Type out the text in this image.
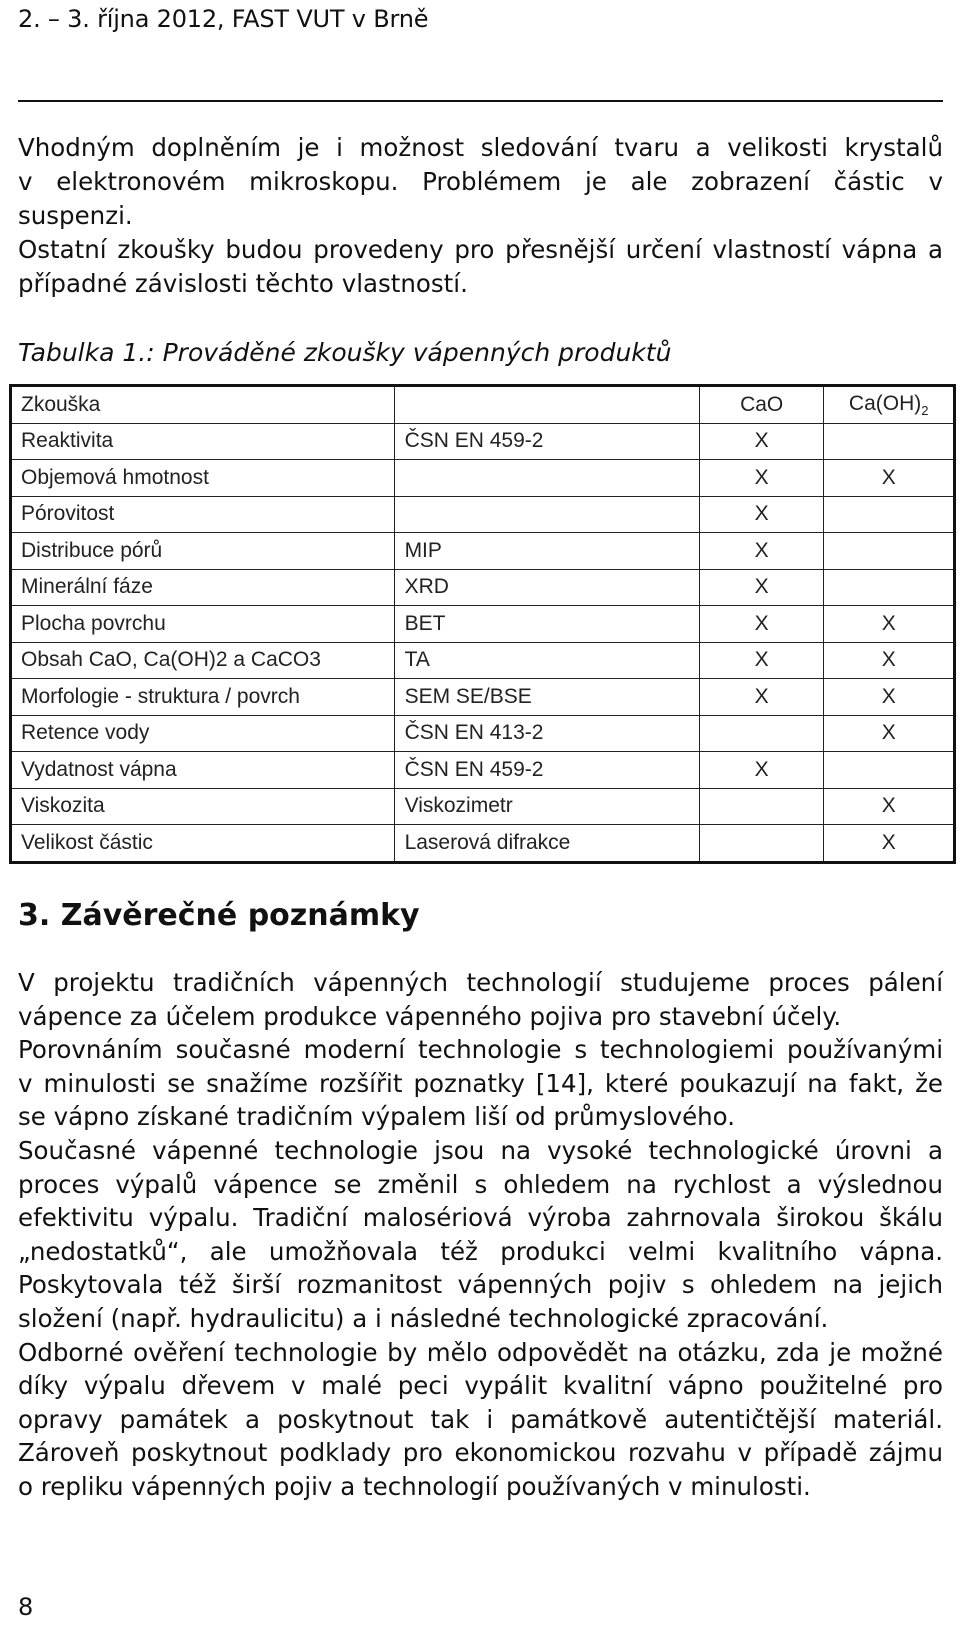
2. – 3. října 2012, FAST VUT v Brně

Vhodným doplněním je i možnost sledování tvaru a velikosti krystalů
v elektronovém mikroskopu. Problémem je ale zobrazení částic v
suspenzi.
Ostatní zkoušky budou provedeny pro přesnější určení vlastností vápna a
případné závislosti těchto vlastností.

Tabulka 1.: Prováděné zkoušky vápenných produktů
Zkouška		CaO	$Ca(OH)_2$
Reaktivita	ČSN EN 459-2	X	
Objemová hmotnost		X	X
Pórovitost		X	
Distribuce pórů	MIP	X	
Minerální fáze	XRD	X	
Plocha povrchu	BET	X	X
Obsah CaO, Ca(OH)2 a CaCO3	TA	X	X
Morfologie - struktura / povrch	SEM SE/BSE	X	X
Retence vody	ČSN EN 413-2		X
Vydatnost vápna	ČSN EN 459-2	X	
Viskozita	Viskozimetr		X
Velikost částic	Laserová difrakce		X
3. Závěrečné poznámky

V projektu tradičních vápenných technologií studujeme proces pálení
vápence za účelem produkce vápenného pojiva pro stavební účely.
Porovnáním současné moderní technologie s technologiemi používanými
v minulosti se snažíme rozšířit poznatky [14], které poukazují na fakt, že
se vápno získané tradičním výpalem liší od průmyslového.
Současné vápenné technologie jsou na vysoké technologické úrovni a
proces výpalů vápence se změnil s ohledem na rychlost a výslednou
efektivitu výpalu. Tradiční malosériová výroba zahrnovala širokou škálu
„nedostatků“, ale umožňovala též produkci velmi kvalitního vápna.
Poskytovala též širší rozmanitost vápenných pojiv s ohledem na jejich
složení (např. hydraulicitu) a i následné technologické zpracování.
Odborné ověření technologie by mělo odpovědět na otázku, zda je možné
díky výpalu dřevem v malé peci vypálit kvalitní vápno použitelné pro
opravy památek a poskytnout tak i památkově autentičtější materiál.
Zároveň poskytnout podklady pro ekonomickou rozvahu v případě zájmu
o repliku vápenných pojiv a technologií používaných v minulosti.

8
